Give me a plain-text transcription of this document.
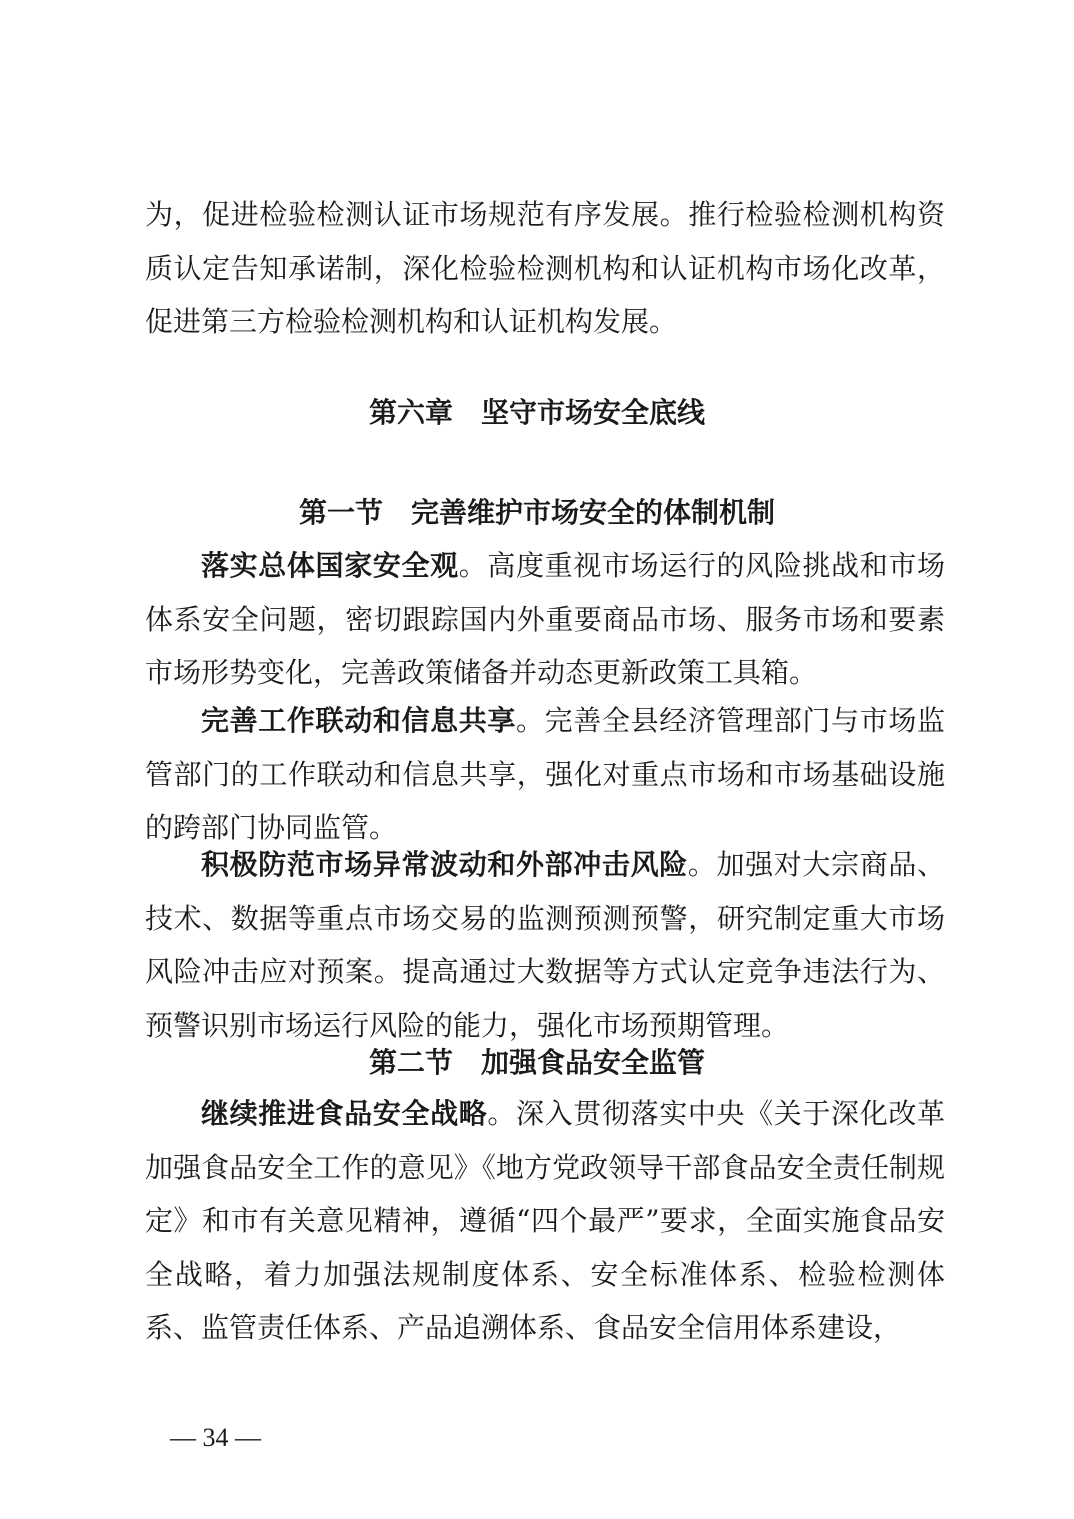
为，促进检验检测认证市场规范有序发展。推行检验检测机构资质认定告知承诺制，深化检验检测机构和认证机构市场化改革，促进第三方检验检测机构和认证机构发展。

第六章　坚守市场安全底线
第一节　完善维护市场安全的体制机制

落实总体国家安全观。高度重视市场运行的风险挑战和市场体系安全问题，密切跟踪国内外重要商品市场、服务市场和要素市场形势变化，完善政策储备并动态更新政策工具箱。

完善工作联动和信息共享。完善全县经济管理部门与市场监管部门的工作联动和信息共享，强化对重点市场和市场基础设施的跨部门协同监管。

积极防范市场异常波动和外部冲击风险。加强对大宗商品、技术、数据等重点市场交易的监测预测预警，研究制定重大市场风险冲击应对预案。提高通过大数据等方式认定竞争违法行为、预警识别市场运行风险的能力，强化市场预期管理。

第二节　加强食品安全监管

继续推进食品安全战略。深入贯彻落实中央《关于深化改革加强食品安全工作的意见》《地方党政领导干部食品安全责任制规定》和市有关意见精神，遵循“四个最严”要求，全面实施食品安全战略，着力加强法规制度体系、安全标准体系、检验检测体系、监管责任体系、产品追溯体系、食品安全信用体系建设，

— 34 —
